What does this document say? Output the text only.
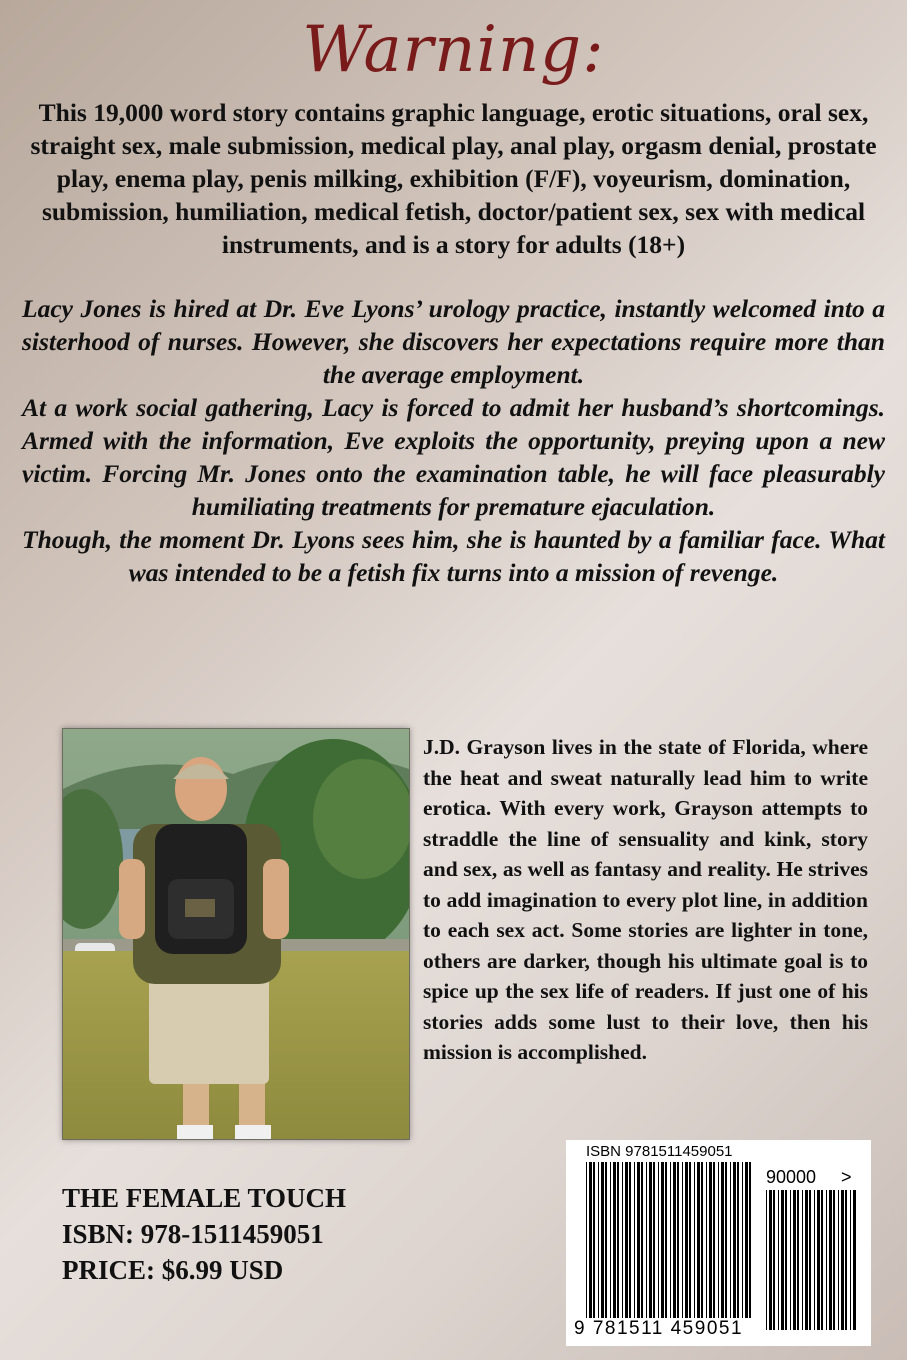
Warning:

This 19,000 word story contains graphic language, erotic situations, oral sex, straight sex, male submission, medical play, anal play, orgasm denial, prostate play, enema play, penis milking, exhibition (F/F), voyeurism, domination, submission, humiliation, medical fetish, doctor/patient sex, sex with medical instruments, and is a story for adults (18+)

Lacy Jones is hired at Dr. Eve Lyons’ urology practice, instantly welcomed into a sisterhood of nurses. However, she discovers her expectations require more than the average employment.

At a work social gathering, Lacy is forced to admit her husband’s shortcomings. Armed with the information, Eve exploits the opportunity, preying upon a new victim. Forcing Mr. Jones onto the examination table, he will face pleasurably humiliating treatments for premature ejaculation.

Though, the moment Dr. Lyons sees him, she is haunted by a familiar face. What was intended to be a fetish fix turns into a mission of revenge.

J.D. Grayson lives in the state of Florida, where the heat and sweat naturally lead him to write erotica. With every work, Grayson attempts to straddle the line of sensuality and kink, story and sex, as well as fantasy and reality. He strives to add imagination to every plot line, in addition to each sex act. Some stories are lighter in tone, others are darker, though his ultimate goal is to spice up the sex life of readers. If just one of his stories adds some lust to their love, then his mission is accomplished.

THE FEMALE TOUCH
ISBN: 978-1511459051
PRICE: $6.99 USD
ISBN 9781511459051
90000 >
9 781511 459051
